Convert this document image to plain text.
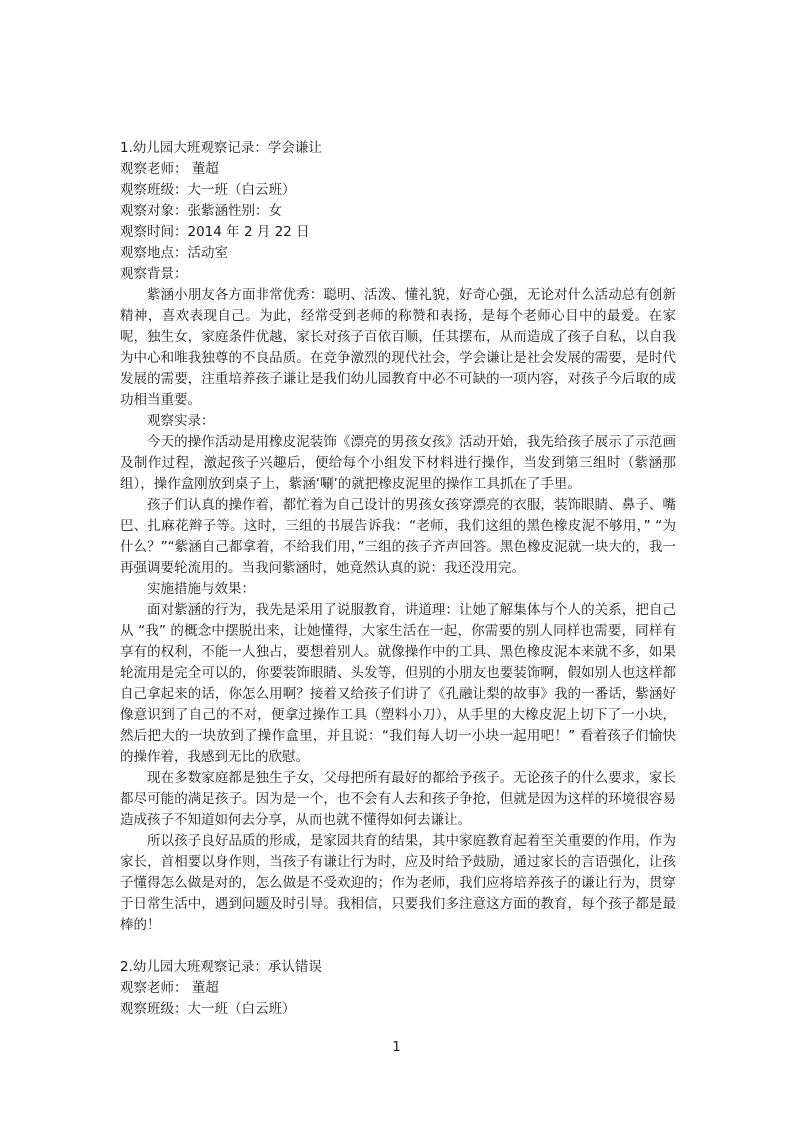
1.幼儿园大班观察记录：学会谦让
观察老师： 董超
观察班级：大一班（白云班）
观察对象：张紫涵性别：女
观察时间：2014 年 2 月 22 日
观察地点：活动室
观察背景：

紫涵小朋友各方面非常优秀：聪明、活泼、懂礼貌，好奇心强，无论对什么活动总有创新精神，喜欢表现自己。为此，经常受到老师的称赞和表扬，是每个老师心目中的最爱。在家呢，独生女，家庭条件优越，家长对孩子百依百顺，任其摆布，从而造成了孩子自私，以自我为中心和唯我独尊的不良品质。在竞争激烈的现代社会，学会谦让是社会发展的需要，是时代发展的需要，注重培养孩子谦让是我们幼儿园教育中必不可缺的一项内容，对孩子今后取的成功相当重要。

观察实录：

今天的操作活动是用橡皮泥装饰《漂亮的男孩女孩》活动开始，我先给孩子展示了示范画及制作过程，激起孩子兴趣后，便给每个小组发下材料进行操作，当发到第三组时（紫涵那组），操作盒刚放到桌子上，紫涵‘唰’的就把橡皮泥里的操作工具抓在了手里。

孩子们认真的操作着，都忙着为自己设计的男孩女孩穿漂亮的衣服，装饰眼睛、鼻子、嘴巴、扎麻花辫子等。这时，三组的书展告诉我：“老师，我们这组的黑色橡皮泥不够用，” “为什么？”“紫涵自己都拿着，不给我们用，”三组的孩子齐声回答。黑色橡皮泥就一块大的，我一再强调要轮流用的。当我问紫涵时，她竟然认真的说：我还没用完。

实施措施与效果：

面对紫涵的行为，我先是采用了说服教育，讲道理：让她了解集体与个人的关系，把自己从 “我” 的概念中摆脱出来，让她懂得，大家生活在一起，你需要的别人同样也需要，同样有享有的权利，不能一人独占，要想着别人。就像操作中的工具、黑色橡皮泥本来就不多，如果轮流用是完全可以的，你要装饰眼睛、头发等，但别的小朋友也要装饰啊，假如别人也这样都自己拿起来的话，你怎么用啊？接着又给孩子们讲了《孔融让梨的故事》我的一番话，紫涵好像意识到了自己的不对，便拿过操作工具（塑料小刀），从手里的大橡皮泥上切下了一小块，然后把大的一块放到了操作盒里，并且说：“我们每人切一小块一起用吧！” 看着孩子们愉快的操作着，我感到无比的欣慰。

现在多数家庭都是独生子女，父母把所有最好的都给予孩子。无论孩子的什么要求，家长都尽可能的满足孩子。因为是一个，也不会有人去和孩子争抢，但就是因为这样的环境很容易造成孩子不知道如何去分享，从而也就不懂得如何去谦让。

所以孩子良好品质的形成，是家园共育的结果，其中家庭教育起着至关重要的作用，作为家长，首相要以身作则，当孩子有谦让行为时，应及时给予鼓励，通过家长的言语强化，让孩子懂得怎么做是对的，怎么做是不受欢迎的；作为老师，我们应将培养孩子的谦让行为，贯穿于日常生活中，遇到问题及时引导。我相信，只要我们多注意这方面的教育，每个孩子都是最棒的！

2.幼儿园大班观察记录：承认错误
观察老师： 董超
观察班级：大一班（白云班）
1
